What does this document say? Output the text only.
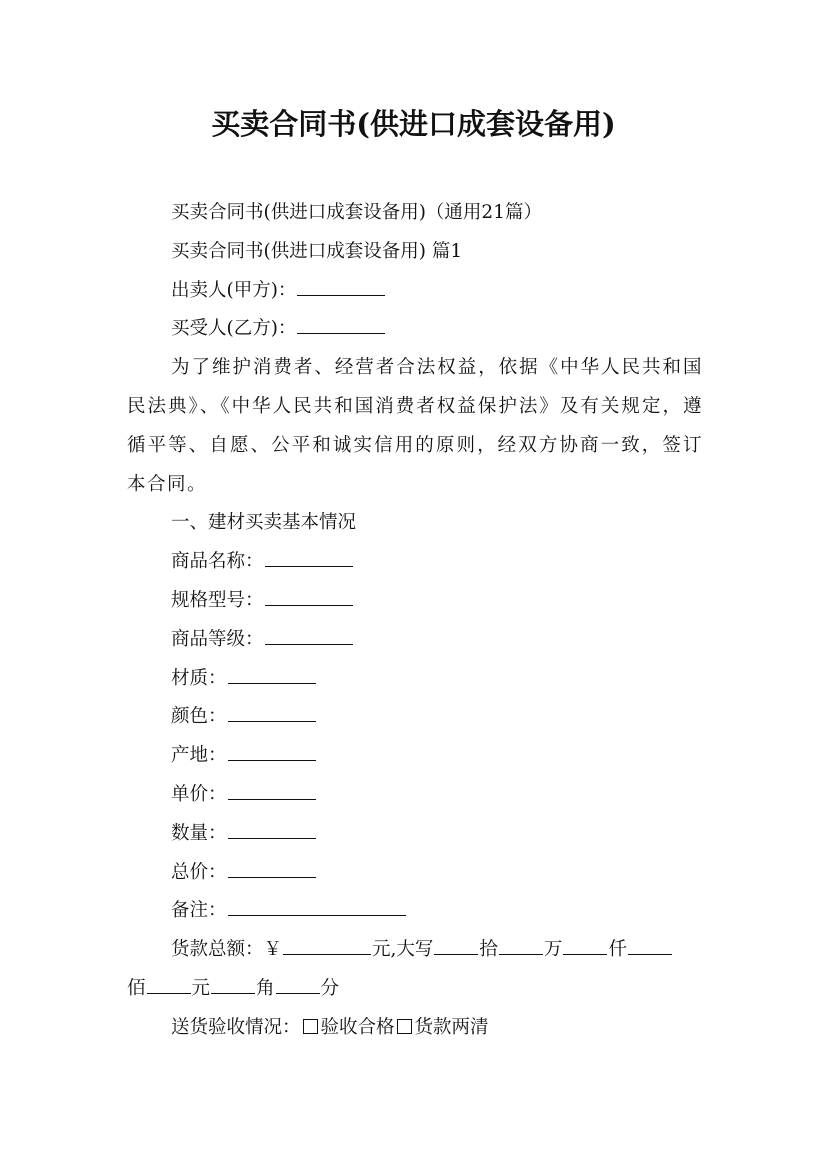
买卖合同书(供进口成套设备用)
买卖合同书(供进口成套设备用)（通用21篇）
买卖合同书(供进口成套设备用) 篇1
出卖人(甲方)：
买受人(乙方)：

为了维护消费者、经营者合法权益，依据《中华人民共和国民法典》、《中华人民共和国消费者权益保护法》及有关规定，遵循平等、自愿、公平和诚实信用的原则，经双方协商一致，签订本合同。

一、建材买卖基本情况
商品名称：
规格型号：
商品等级：
材质：
颜色：
产地：
单价：
数量：
总价：
备注：
货款总额：￥	元,大写 拾 万 仟
佰 元 角 分
送货验收情况： 验收合格 货款两清
